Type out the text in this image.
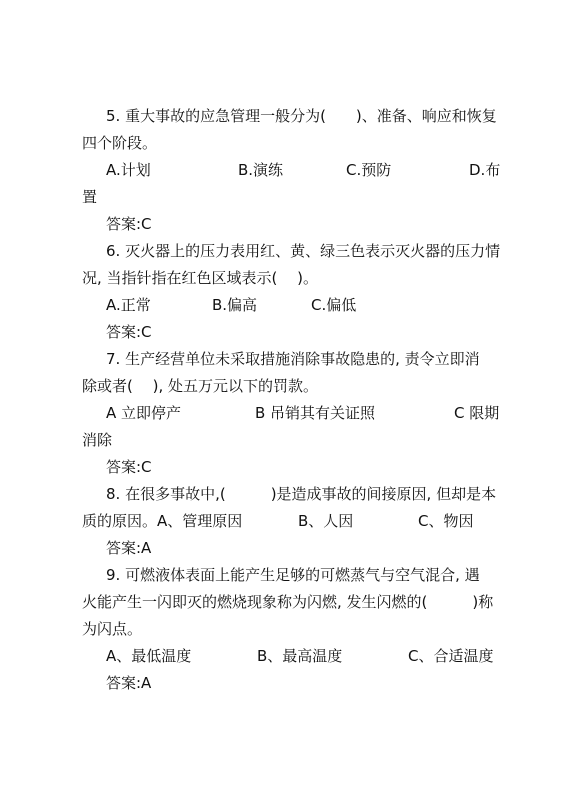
5. 重大事故的应急管理一般分为(　　)、准备、响应和恢复
四个阶段。
A.计划	B.演练	C.预防	D.布
置
答案:C
6. 灭火器上的压力表用红、黄、绿三色表示灭火器的压力情
况, 当指针指在红色区域表示(　 )。
A.正常	B.偏高	C.偏低
答案:C
7. 生产经营单位未采取措施消除事故隐患的, 责令立即消
除或者(　 ), 处五万元以下的罚款。
A 立即停产	B 吊销其有关证照	C 限期
消除
答案:C
8. 在很多事故中,(　　　)是造成事故的间接原因, 但却是本
质的原因。A、管理原因	B、人因	C、物因
答案:A
9. 可燃液体表面上能产生足够的可燃蒸气与空气混合, 遇
火能产生一闪即灭的燃烧现象称为闪燃, 发生闪燃的(　　　)称
为闪点。
A、最低温度	B、最高温度	C、合适温度
答案:A
